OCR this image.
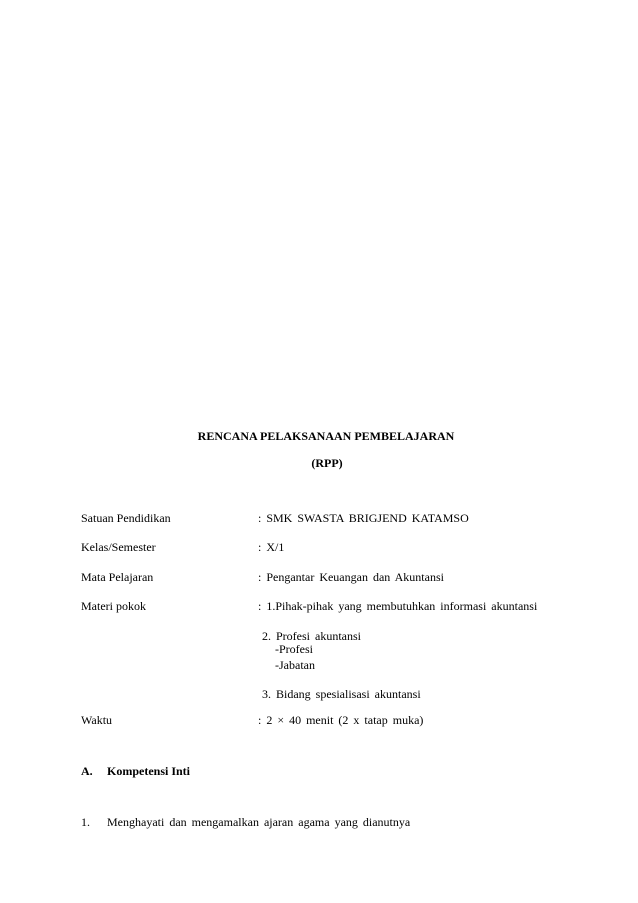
RENCANA PELAKSANAAN PEMBELAJARAN
(RPP)
Satuan Pendidikan	: SMK SWASTA BRIGJEND KATAMSO
Kelas/Semester	: X/1
Mata Pelajaran	: Pengantar Keuangan dan Akuntansi
Materi pokok	: 1.Pihak-pihak yang membutuhkan informasi akuntansi
2. Profesi akuntansi
-Profesi
-Jabatan
3. Bidang spesialisasi akuntansi
Waktu	: 2 × 40 menit (2 x tatap muka)
A. Kompetensi Inti
1. Menghayati dan mengamalkan ajaran agama yang dianutnya
